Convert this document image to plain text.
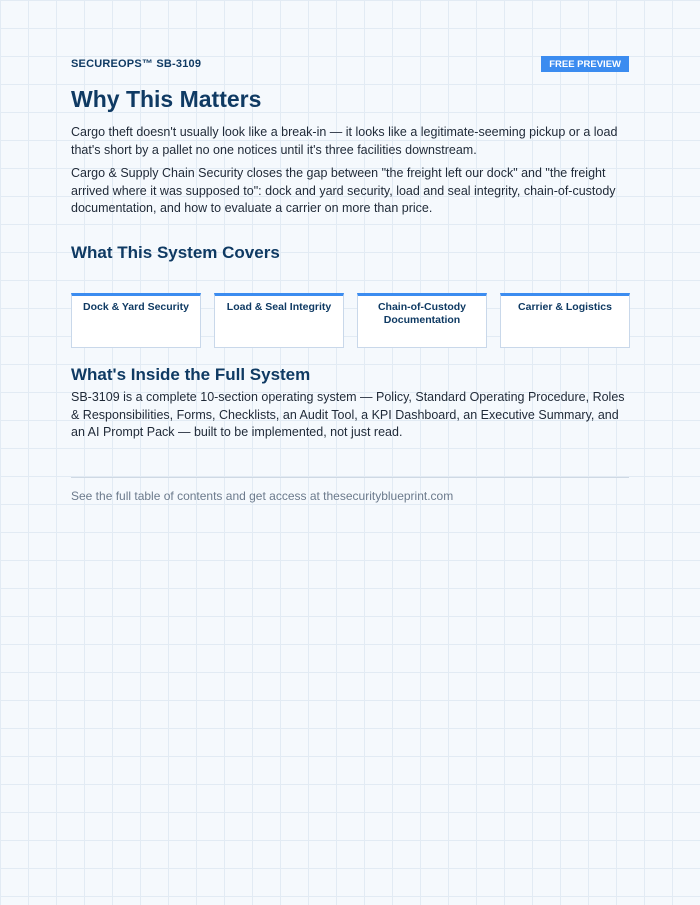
SECUREOPS™ SB-3109	FREE PREVIEW
Why This Matters

Cargo theft doesn't usually look like a break-in — it looks like a legitimate-seeming pickup or a load that's short by a pallet no one notices until it's three facilities downstream.

Cargo & Supply Chain Security closes the gap between "the freight left our dock" and "the freight arrived where it was supposed to": dock and yard security, load and seal integrity, chain-of-custody documentation, and how to evaluate a carrier on more than price.

What This System Covers
Dock & Yard Security	Load & Seal Integrity	Chain-of-Custody Documentation
Carrier & Logistics
What's Inside the Full System

SB-3109 is a complete 10-section operating system — Policy, Standard Operating Procedure, Roles & Responsibilities, Forms, Checklists, an Audit Tool, a KPI Dashboard, an Executive Summary, and an AI Prompt Pack — built to be implemented, not just read.

See the full table of contents and get access at thesecurityblueprint.com
